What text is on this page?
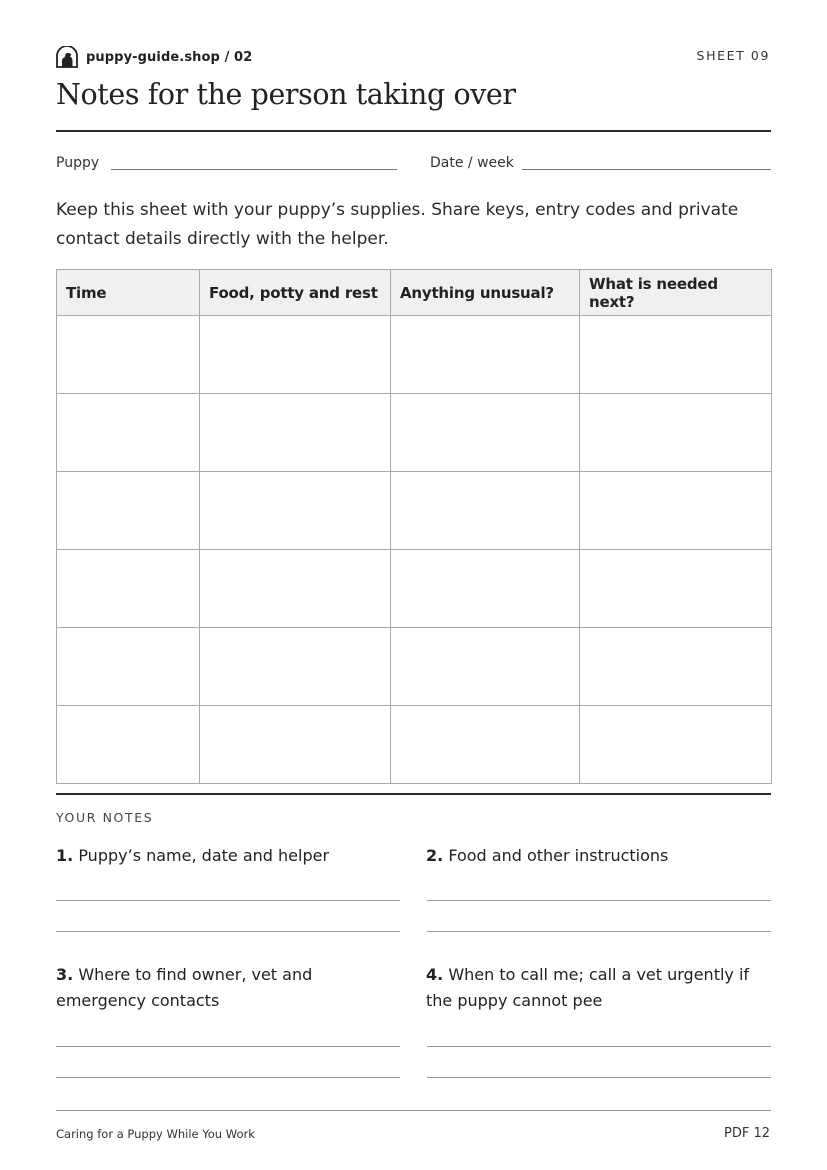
puppy-guide.shop / 02	SHEET 09
Notes for the person taking over
Puppy	Date / week

Keep this sheet with your puppy’s supplies. Share keys, entry codes and private contact details directly with the helper.

Time	Food, potty and rest	Anything unusual?	What is needed next?

YOUR NOTES

1. Puppy’s name, date and helper	2. Food and other instructions

3. Where to find owner, vet and emergency contacts

4. When to call me; call a vet urgently if the puppy cannot pee

Caring for a Puppy While You Work	PDF 12
